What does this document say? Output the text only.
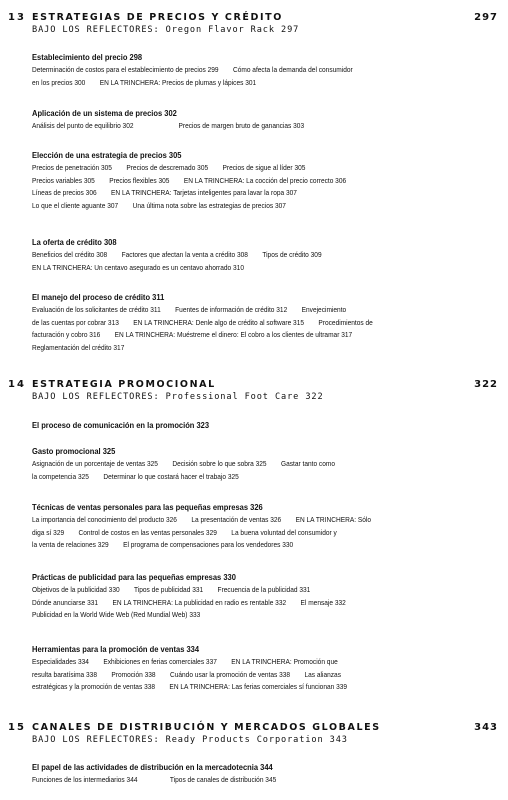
13 ESTRATEGIAS DE PRECIOS Y CRÉDITO	297
BAJO LOS REFLECTORES: Oregon Flavor Rack 297
Establecimiento del precio 298
Determinación de costos para el establecimiento de precios 299 Cómo afecta la demanda del consumidor
en los precios 300 EN LA TRINCHERA: Precios de plumas y lápices 301
Aplicación de un sistema de precios 302
Análisis del punto de equilibrio 302	Precios de margen bruto de ganancias 303
Elección de una estrategia de precios 305
Precios de penetración 305 Precios de descremado 305 Precios de sigue al líder 305
Precios variables 305 Precios flexibles 305 EN LA TRINCHERA: La cocción del precio correcto 306
Líneas de precios 306 EN LA TRINCHERA: Tarjetas inteligentes para lavar la ropa 307
Lo que el cliente aguante 307 Una última nota sobre las estrategias de precios 307
La oferta de crédito 308
Beneficios del crédito 308 Factores que afectan la venta a crédito 308 Tipos de crédito 309
EN LA TRINCHERA: Un centavo asegurado es un centavo ahorrado 310
El manejo del proceso de crédito 311
Evaluación de los solicitantes de crédito 311 Fuentes de información de crédito 312 Envejecimiento
de las cuentas por cobrar 313 EN LA TRINCHERA: Denle algo de crédito al software 315 Procedimientos de
facturación y cobro 316 EN LA TRINCHERA: Muéstreme el dinero: El cobro a los clientes de ultramar 317
Reglamentación del crédito 317
14 ESTRATEGIA PROMOCIONAL	322
BAJO LOS REFLECTORES: Professional Foot Care 322
El proceso de comunicación en la promoción 323
Gasto promocional 325
Asignación de un porcentaje de ventas 325 Decisión sobre lo que sobra 325 Gastar tanto como
la competencia 325 Determinar lo que costará hacer el trabajo 325
Técnicas de ventas personales para las pequeñas empresas 326
La importancia del conocimiento del producto 326 La presentación de ventas 326 EN LA TRINCHERA: Sólo
diga sí 329 Control de costos en las ventas personales 329 La buena voluntad del consumidor y
la venta de relaciones 329 El programa de compensaciones para los vendedores 330
Prácticas de publicidad para las pequeñas empresas 330
Objetivos de la publicidad 330 Tipos de publicidad 331 Frecuencia de la publicidad 331
Dónde anunciarse 331 EN LA TRINCHERA: La publicidad en radio es rentable 332 El mensaje 332
Publicidad en la World Wide Web (Red Mundial Web) 333
Herramientas para la promoción de ventas 334
Especialidades 334 Exhibiciones en ferias comerciales 337 EN LA TRINCHERA: Promoción que
resulta baratísima 338 Promoción 338 Cuándo usar la promoción de ventas 338 Las alianzas
estratégicas y la promoción de ventas 338 EN LA TRINCHERA: Las ferias comerciales sí funcionan 339
15 CANALES DE DISTRIBUCIÓN Y MERCADOS GLOBALES	343
BAJO LOS REFLECTORES: Ready Products Corporation 343
El papel de las actividades de distribución en la mercadotecnia 344
Funciones de los intermediarios 344	Tipos de canales de distribución 345
